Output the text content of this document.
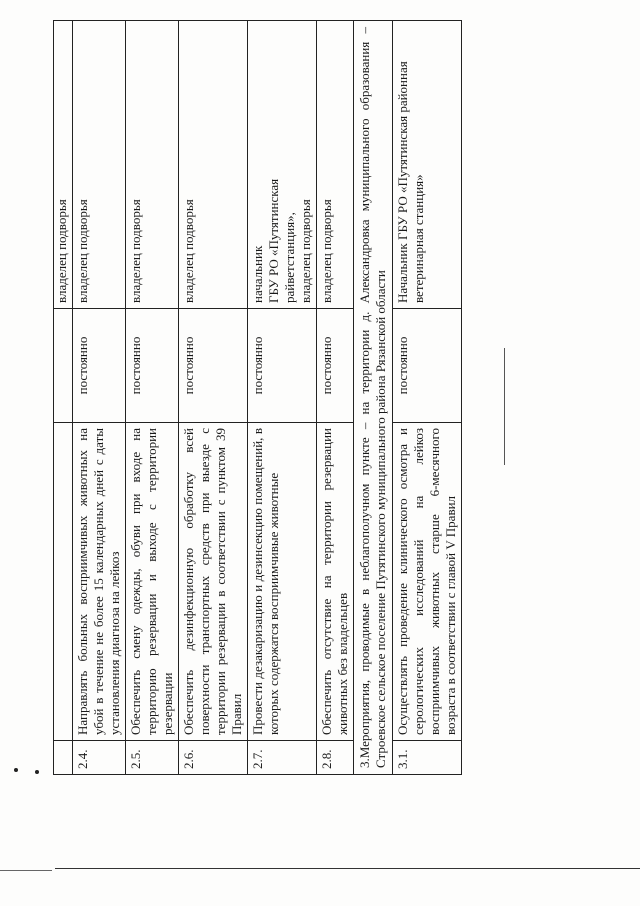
			владелец подворья
2.4.	Направлять больных восприимчивых животных на убой в течение не более 15 календарных дней с даты установления диагноза на лейкоз	постоянно	владелец подворья
2.5.	Обеспечить смену одежды, обуви при входе на территорию резервации и выходе с территории резервации	постоянно	владелец подворья
2.6.	Обеспечить дезинфекционную обработку всей поверхности транспортных средств при выезде с территории резервации в соответствии с пунктом 39 Правил	постоянно	владелец подворья
2.7.	Провести дезакаризацию и дезинсекцию помещений, в которых содержатся восприимчивые животные	постоянно	начальник ГБУ РО «Путятинская райветстанция», владелец подворья

2.8.	Обеспечить отсутствие на территории резервации животных без владельцев	постоянно	владелец подворья
3.Мероприятия, проводимые в неблагополучном пункте – на территории д. Александровка муниципального образования – Строевское сельское поселение Путятинского муниципального района Рязанской области			
3.1.	Осуществлять проведение клинического осмотра и серологических исследований на лейкоз восприимчивых животных старше 6-месячного возраста в соответствии с главой V Правил	постоянно	Начальник ГБУ РО «Путятинская районная ветеринарная станция»
